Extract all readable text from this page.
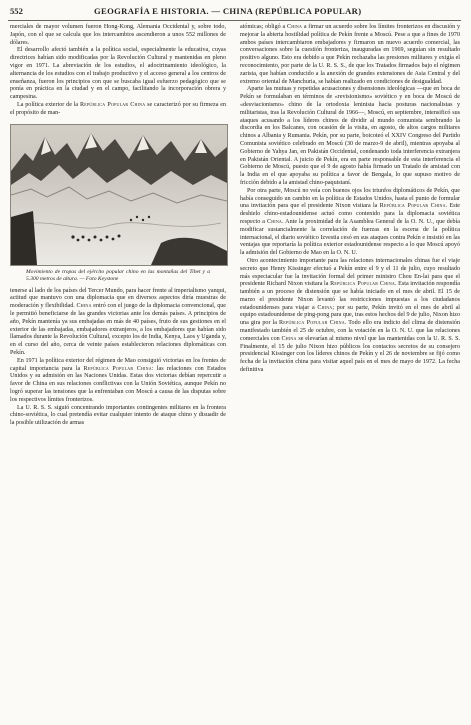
552	GEOGRAFÍA E HISTORIA. — CHINA (REPÚBLICA POPULAR)

merciales de mayor volumen fueron Hong-Kong, Alemania Occidental y, sobre todo, Japón, con el que se calcula que los intercambios ascendieron a unos 552 millones de dólares.

El desarrollo afectó también a la política social, especialmente la educativa, cuyas directrices habían sido modificadas por la Revolución Cultural y mantenidas en pleno vigor en 1971. La abreviación de los estudios, el adoctrinamiento ideológico, la alternancia de los estudios con el trabajo productivo y el acceso general a los centros de enseñanza, fueron los principios con que se buscaba igual esfuerzo pedagógico que se ponía en práctica en la ciudad y en el campo, facilitando la incorporación obrera y campesina.

La política exterior de la República Popular China se caracterizó por su firmeza en el propósito de man-

Movimiento de tropas del ejército popular chino en las montañas del Tibet y a 5.300 metros de altura. — Foto Keystone

tenerse al lado de los países del Tercer Mundo, para hacer frente al imperialismo yanqui, actitud que mantuvo con una diplomacia que en diversos aspectos diría muestras de moderación y flexibilidad. China entró con el juego de la diplomacia convencional, que le permitió beneficiarse de las grandes victorias ante los demás países. A principios de año, Pekín mantenía ya sus embajadas en más de 40 países, fruto de sus gestiones en el exterior de las embajadas, embajadores extranjeros, a los embajadores que habían sido llamados durante la Revolución Cultural, excepto los de India, Kenya, Laos y Uganda y, en el curso del año, cerca de veinte países establecieron relaciones diplomáticas con Pekín.

En 1971 la política exterior del régimen de Mao consiguió victorias en los frentes de capital importancia para la República Popular China: las relaciones con Estados Unidos y su admisión en las Naciones Unidas. Estas dos victorias debían repercutir a favor de China en sus relaciones conflictivas con la Unión Soviética, aunque Pekín no logró superar las tensiones que la enfrentaban con Moscú a causa de las disputas sobre los respectivos límites fronterizos.

La U. R. S. S. siguió concentrando importantes contingentes militares en la frontera chino-soviética, lo cual pretendía evitar cualquier intento de ataque chino y disuadir de la posible utilización de armas

atómicas; obligó a China a firmar un acuerdo sobre los límites fronterizos en discusión y mejorar la abierta hostilidad política de Pekín frente a Moscú. Pese a que a fines de 1970 ambos países intercambiaron embajadores y firmaron un nuevo acuerdo comercial, las conversaciones sobre la cuestión fronteriza, inauguradas en 1969, seguían sin resultado positivo alguno. Esto era debido a que Pekín rechazaba las presiones militares y exigía el reconocimiento, por parte de la U. R. S. S., de que los Tratados firmados bajo el régimen zarista, que habían conducido a la anexión de grandes extensiones de Asia Central y del extremo oriental de Manchuria, se habían realizado en condiciones de desigualdad.

Aparte las mutuas y repetidas acusaciones y disensiones ideológicas —que en boca de Pekín se formulaban en términos de «revisionismo» soviético y en boca de Moscú de «desviacionismo» chino de la ortodoxia leninista hacia posturas nacionalistas y militaristas, tras la Revolución Cultural de 1966—, Moscú, en septiembre, intensificó sus ataques acusando a los líderes chinos de dividir al mundo comunista sembrando la discordia en los Balcanes, con ocasión de la visita, en agosto, de altos cargos militares chinos a Albania y Rumania. Pekín, por su parte, boicoteó el XXIV Congreso del Partido Comunista soviético celebrado en Moscú (30 de marzo-9 de abril), mientras apoyaba al Gobierno de Yahya Jan, en Pakistán Occidental, condenando toda interferencia extranjera en Pakistán Oriental. A juicio de Pekín, era en parte responsable de esta interferencia el Gobierno de Moscú, puesto que el 9 de agosto había firmado un Tratado de amistad con la India en el que apoyaba su política a favor de Bengala, lo que supuso motivo de fricción debido a la amistad chino-paquistaní.

Por otra parte, Moscú no veía con buenos ojos los triunfos diplomáticos de Pekín, que había conseguido un cambio en la política de Estados Unidos, hasta el punto de formular una invitación para que el presidente Nixon visitara la República Popular China. Este deshielo chino-estadounidense actuó como contenido para la diplomacia soviética respecto a China. Ante la proximidad de la Asamblea General de la O. N. U., que debía modificar sustancialmente la correlación de fuerzas en la escena de la política internacional, el diario soviético Izvestia cesó en sus ataques contra Pekín e insistió en las ventajas que reportaría la política exterior estadounidense respecto a lo que Moscú apoyó la admisión del Gobierno de Mao en la O. N. U.

Otro acontecimiento importante para las relaciones internacionales chinas fue el viaje secreto que Henry Kissinger efectuó a Pekín entre el 9 y el 11 de julio, cuyo resultado más espectacular fue la invitación formal del primer ministro Chou En-lai para que el presidente Richard Nixon visitara la República Popular China. Esta invitación respondía también a un proceso de distensión que se había iniciado en el mes de abril. El 15 de marzo el presidente Nixon levantó las restricciones impuestas a los ciudadanos estadounidenses para viajar a China; por su parte, Pekín invitó en el mes de abril al equipo estadounidense de ping-pong para que, tras estos hechos del 9 de julio, Nixon hizo una gira por la República Popular China. Todo ello era indicio del clima de distensión manifestado también el 25 de octubre, con la votación en la O. N. U. que las relaciones comerciales con China se elevarían al mismo nivel que las mantenidas con la U. R. S. S. Finalmente, el 15 de julio Nixon hizo públicos los contactos secretos de su consejero presidencial Kissinger con los líderes chinos de Pekín y el 26 de noviembre se fijó como fecha de la invitación china para visitar aquel país en el mes de mayo de 1972. La fecha definitiva
